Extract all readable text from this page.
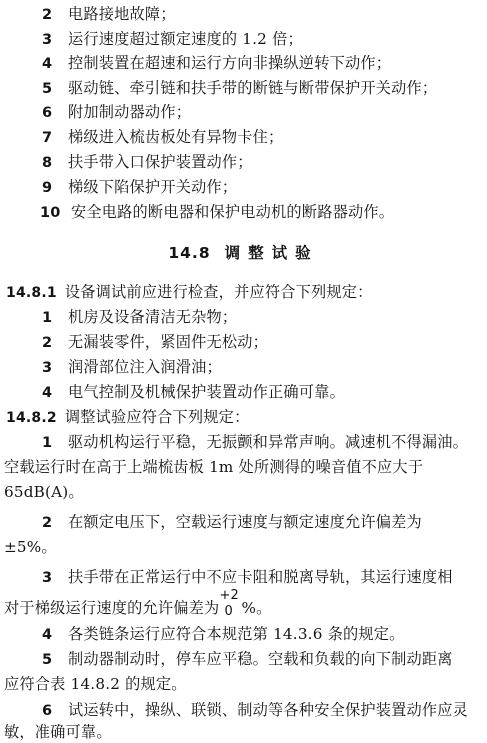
2 电路接地故障；
3 运行速度超过额定速度的 1.2 倍；
4 控制装置在超速和运行方向非操纵逆转下动作；
5 驱动链、牵引链和扶手带的断链与断带保护开关动作；
6 附加制动器动作；
7 梯级进入梳齿板处有异物卡住；
8 扶手带入口保护装置动作；
9 梯级下陷保护开关动作；
10 安全电路的断电器和保护电动机的断路器动作。
14.8 调整试验
14.8.1 设备调试前应进行检查，并应符合下列规定：
1 机房及设备清洁无杂物；
2 无漏装零件，紧固件无松动；
3 润滑部位注入润滑油；
4 电气控制及机械保护装置动作正确可靠。
14.8.2 调整试验应符合下列规定：
1 驱动机构运行平稳，无振颤和异常声响。减速机不得漏油。
空载运行时在高于上端梳齿板 1m 处所测得的噪音值不应大于
65dB(A)。
2 在额定电压下，空载运行速度与额定速度允许偏差为
±5%。
3 扶手带在正常运行中不应卡阻和脱离导轨，其运行速度相
对于梯级运行速度的允许偏差为
+2
0 %。
4 各类链条运行应符合本规范第 14.3.6 条的规定。
5 制动器制动时，停车应平稳。空载和负载的向下制动距离
应符合表 14.8.2 的规定。
6 试运转中，操纵、联锁、制动等各种安全保护装置动作应灵
敏，准确可靠。
